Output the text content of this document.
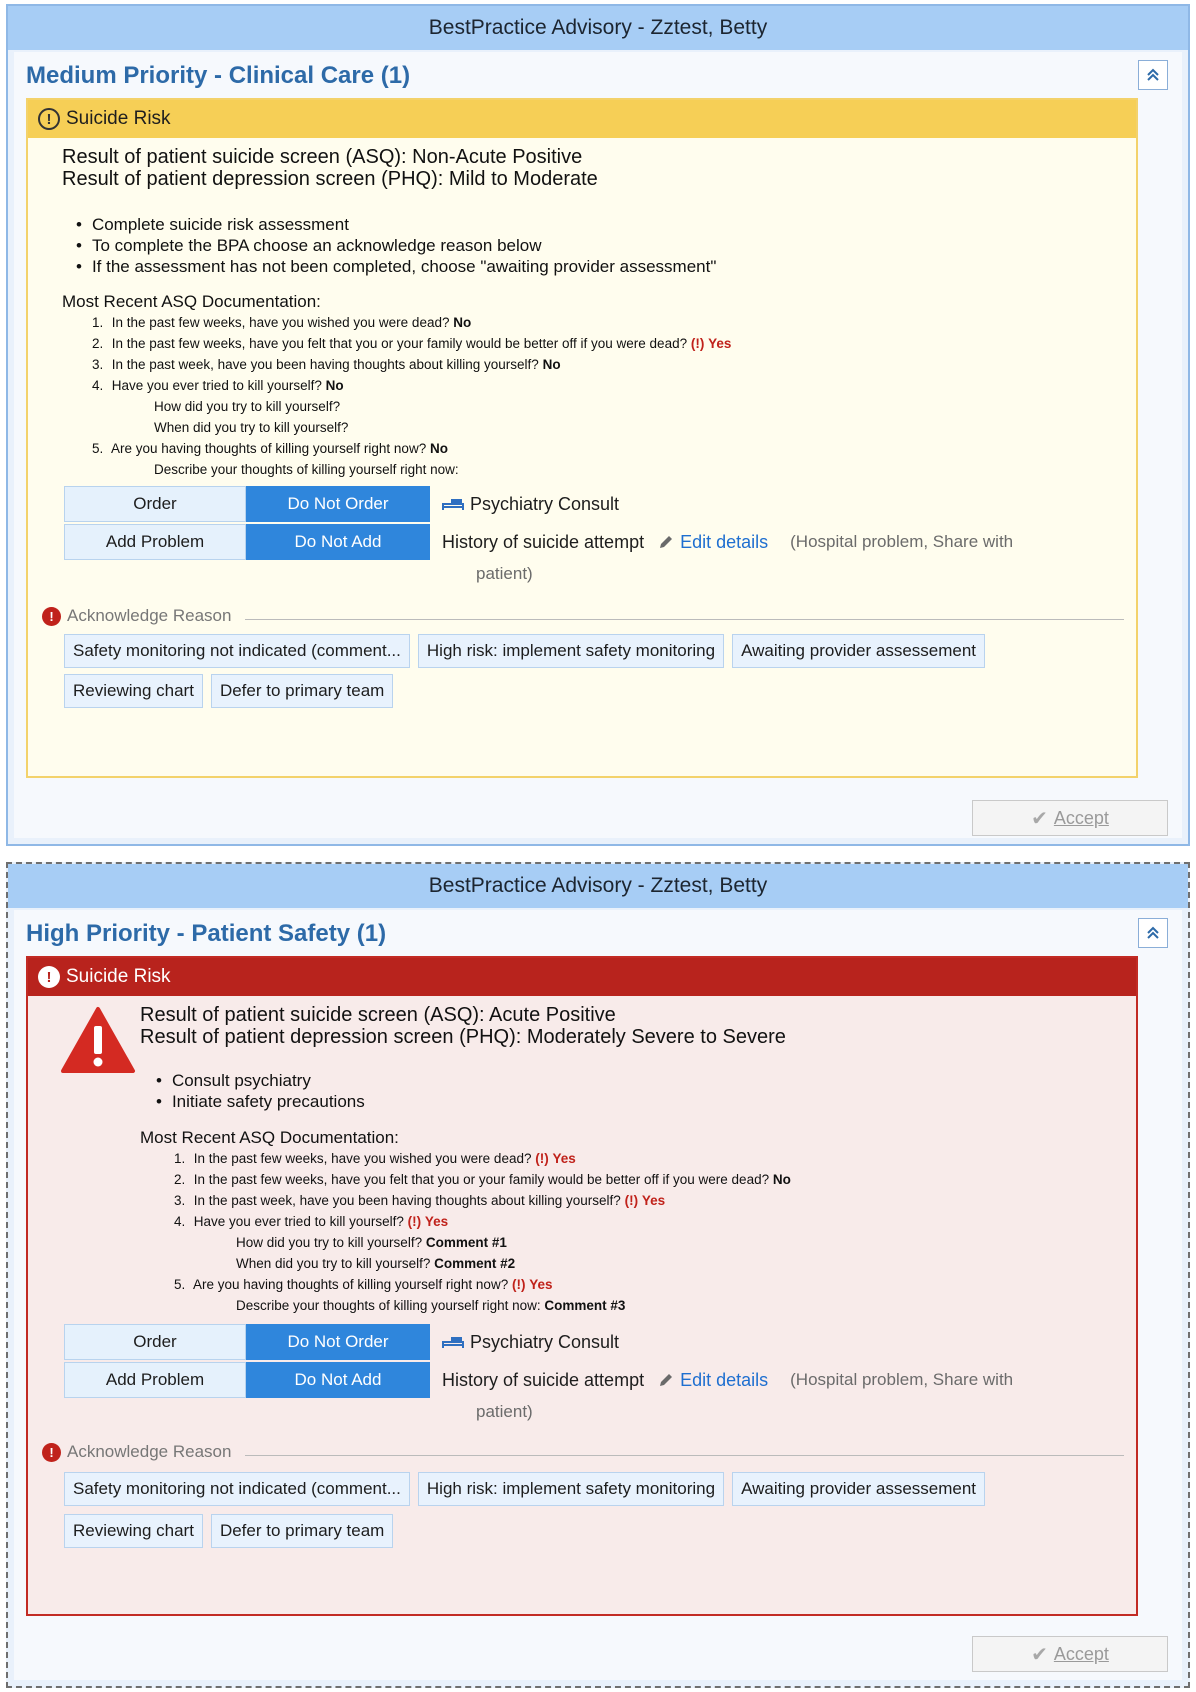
BestPractice Advisory - Zztest, Betty
Medium Priority - Clinical Care (1)
! Suicide Risk
Result of patient suicide screen (ASQ): Non-Acute Positive
Result of patient depression screen (PHQ): Mild to Moderate
• Complete suicide risk assessment
• To complete the BPA choose an acknowledge reason below
• If the assessment has not been completed, choose "awaiting provider assessment"
Most Recent ASQ Documentation:
1. In the past few weeks, have you wished you were dead? No
2. In the past few weeks, have you felt that you or your family would be better off if you were dead? (!) Yes
3. In the past week, have you been having thoughts about killing yourself? No
4. Have you ever tried to kill yourself? No
How did you try to kill yourself?
When did you try to kill yourself?
5. Are you having thoughts of killing yourself right now? No
Describe your thoughts of killing yourself right now:
Order	Do Not Order	Psychiatry Consult
Add Problem	Do Not Add	History of suicide attempt Edit details (Hospital problem, Share with
patient)
! Acknowledge Reason
Safety monitoring not indicated (comment...	High risk: implement safety monitoring	Awaiting provider assessement
Reviewing chart	Defer to primary team
✔ Accept
BestPractice Advisory - Zztest, Betty
High Priority - Patient Safety (1)
! Suicide Risk
Result of patient suicide screen (ASQ): Acute Positive
Result of patient depression screen (PHQ): Moderately Severe to Severe
• Consult psychiatry
• Initiate safety precautions
Most Recent ASQ Documentation:
1. In the past few weeks, have you wished you were dead? (!) Yes
2. In the past few weeks, have you felt that you or your family would be better off if you were dead? No
3. In the past week, have you been having thoughts about killing yourself? (!) Yes
4. Have you ever tried to kill yourself? (!) Yes
How did you try to kill yourself? Comment #1
When did you try to kill yourself? Comment #2
5. Are you having thoughts of killing yourself right now? (!) Yes
Describe your thoughts of killing yourself right now: Comment #3
Order	Do Not Order	Psychiatry Consult
Add Problem	Do Not Add	History of suicide attempt Edit details (Hospital problem, Share with
patient)
! Acknowledge Reason
Safety monitoring not indicated (comment...	High risk: implement safety monitoring	Awaiting provider assessement
Reviewing chart	Defer to primary team
✔ Accept
